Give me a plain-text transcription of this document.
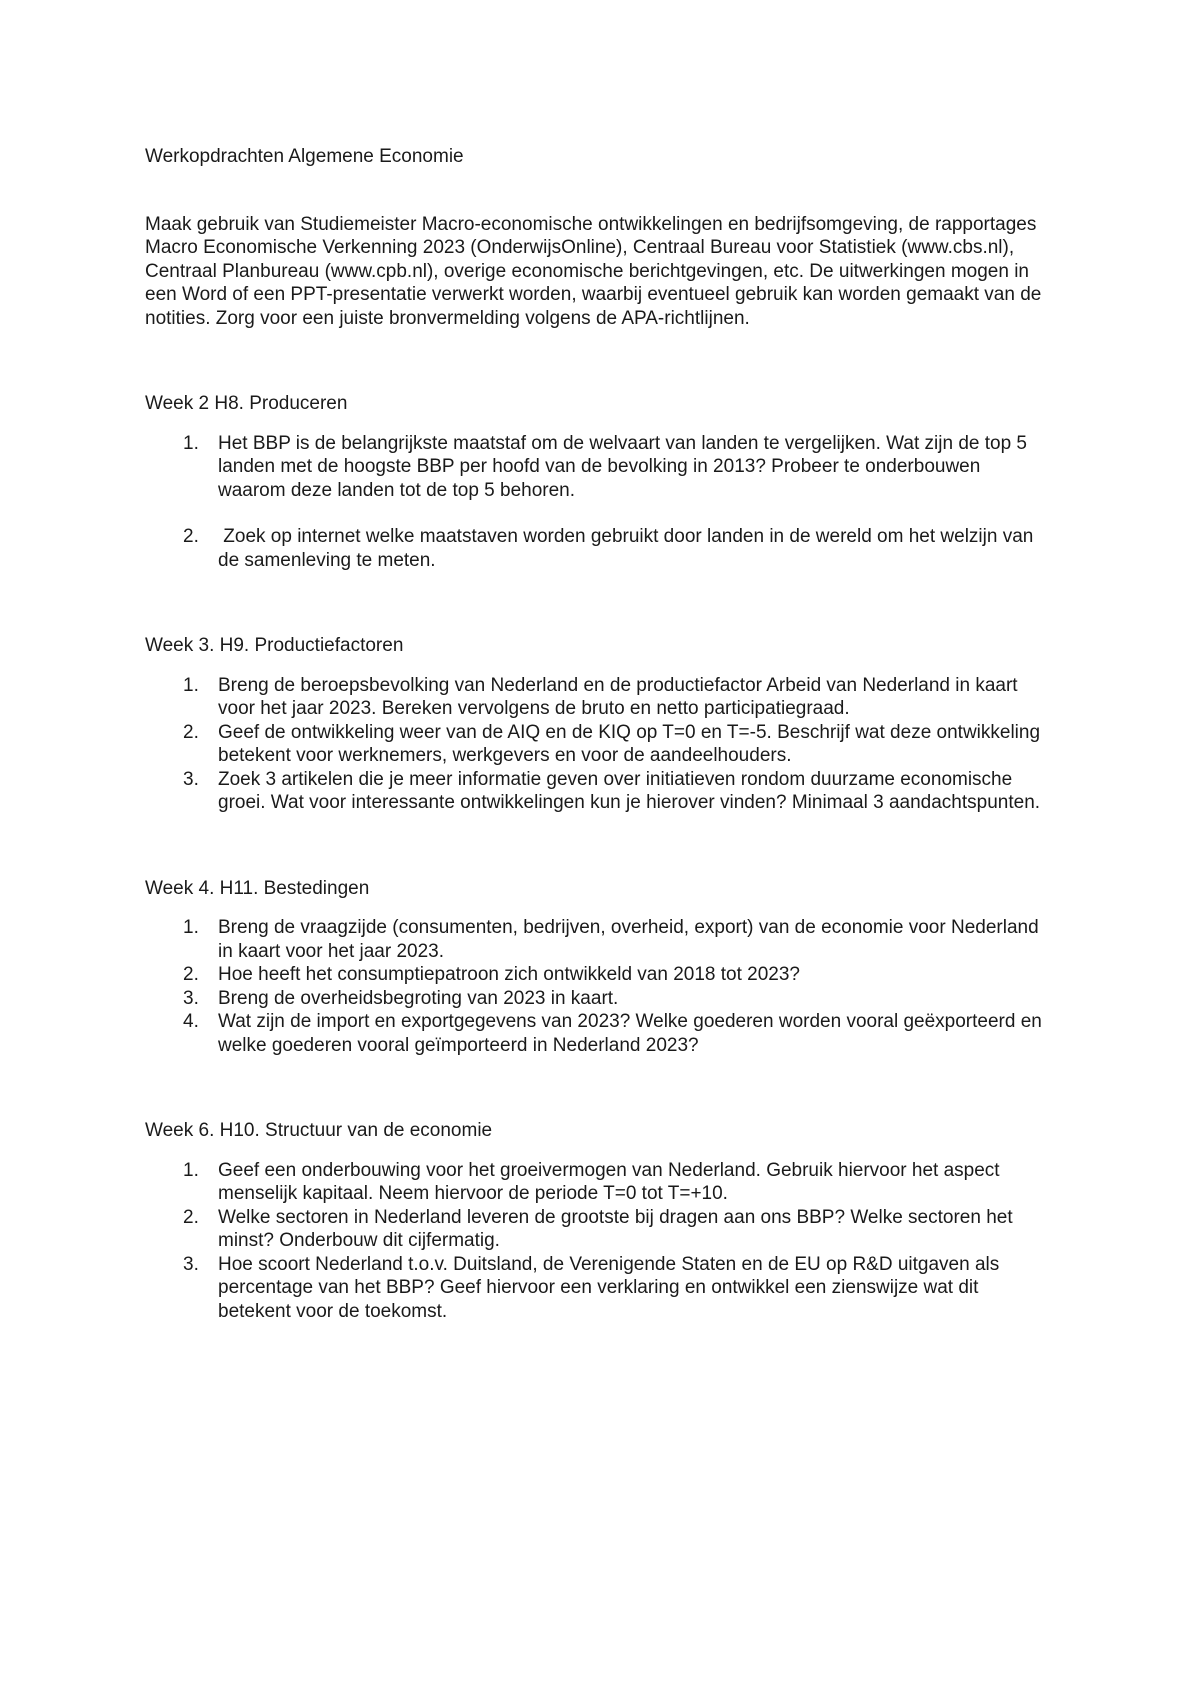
Werkopdrachten Algemene Economie

Maak gebruik van Studiemeister Macro-economische ontwikkelingen en bedrijfsomgeving, de rapportages Macro Economische Verkenning 2023 (OnderwijsOnline), Centraal Bureau voor Statistiek (www.cbs.nl), Centraal Planbureau (www.cpb.nl), overige economische berichtgevingen, etc. De uitwerkingen mogen in een Word of een PPT-presentatie verwerkt worden, waarbij eventueel gebruik kan worden gemaakt van de notities. Zorg voor een juiste bronvermelding volgens de APA-richtlijnen.

Week 2 H8. Produceren

1. Het BBP is de belangrijkste maatstaf om de welvaart van landen te vergelijken. Wat zijn de top 5 landen met de hoogste BBP per hoofd van de bevolking in 2013? Probeer te onderbouwen waarom deze landen tot de top 5 behoren.
2. Zoek op internet welke maatstaven worden gebruikt door landen in de wereld om het welzijn van de samenleving te meten.

Week 3. H9. Productiefactoren

1. Breng de beroepsbevolking van Nederland en de productiefactor Arbeid van Nederland in kaart voor het jaar 2023. Bereken vervolgens de bruto en netto participatiegraad.
2. Geef de ontwikkeling weer van de AIQ en de KIQ op T=0 en T=-5. Beschrijf wat deze ontwikkeling betekent voor werknemers, werkgevers en voor de aandeelhouders.
3. Zoek 3 artikelen die je meer informatie geven over initiatieven rondom duurzame economische groei. Wat voor interessante ontwikkelingen kun je hierover vinden? Minimaal 3 aandachtspunten.

Week 4. H11. Bestedingen

1. Breng de vraagzijde (consumenten, bedrijven, overheid, export) van de economie voor Nederland in kaart voor het jaar 2023.
2. Hoe heeft het consumptiepatroon zich ontwikkeld van 2018 tot 2023?
3. Breng de overheidsbegroting van 2023 in kaart.
4. Wat zijn de import en exportgegevens van 2023? Welke goederen worden vooral geëxporteerd en welke goederen vooral geïmporteerd in Nederland 2023?

Week 6. H10. Structuur van de economie

1. Geef een onderbouwing voor het groeivermogen van Nederland. Gebruik hiervoor het aspect menselijk kapitaal. Neem hiervoor de periode T=0 tot T=+10.
2. Welke sectoren in Nederland leveren de grootste bij dragen aan ons BBP? Welke sectoren het minst? Onderbouw dit cijfermatig.
3. Hoe scoort Nederland t.o.v. Duitsland, de Verenigende Staten en de EU op R&D uitgaven als percentage van het BBP? Geef hiervoor een verklaring en ontwikkel een zienswijze wat dit betekent voor de toekomst.
